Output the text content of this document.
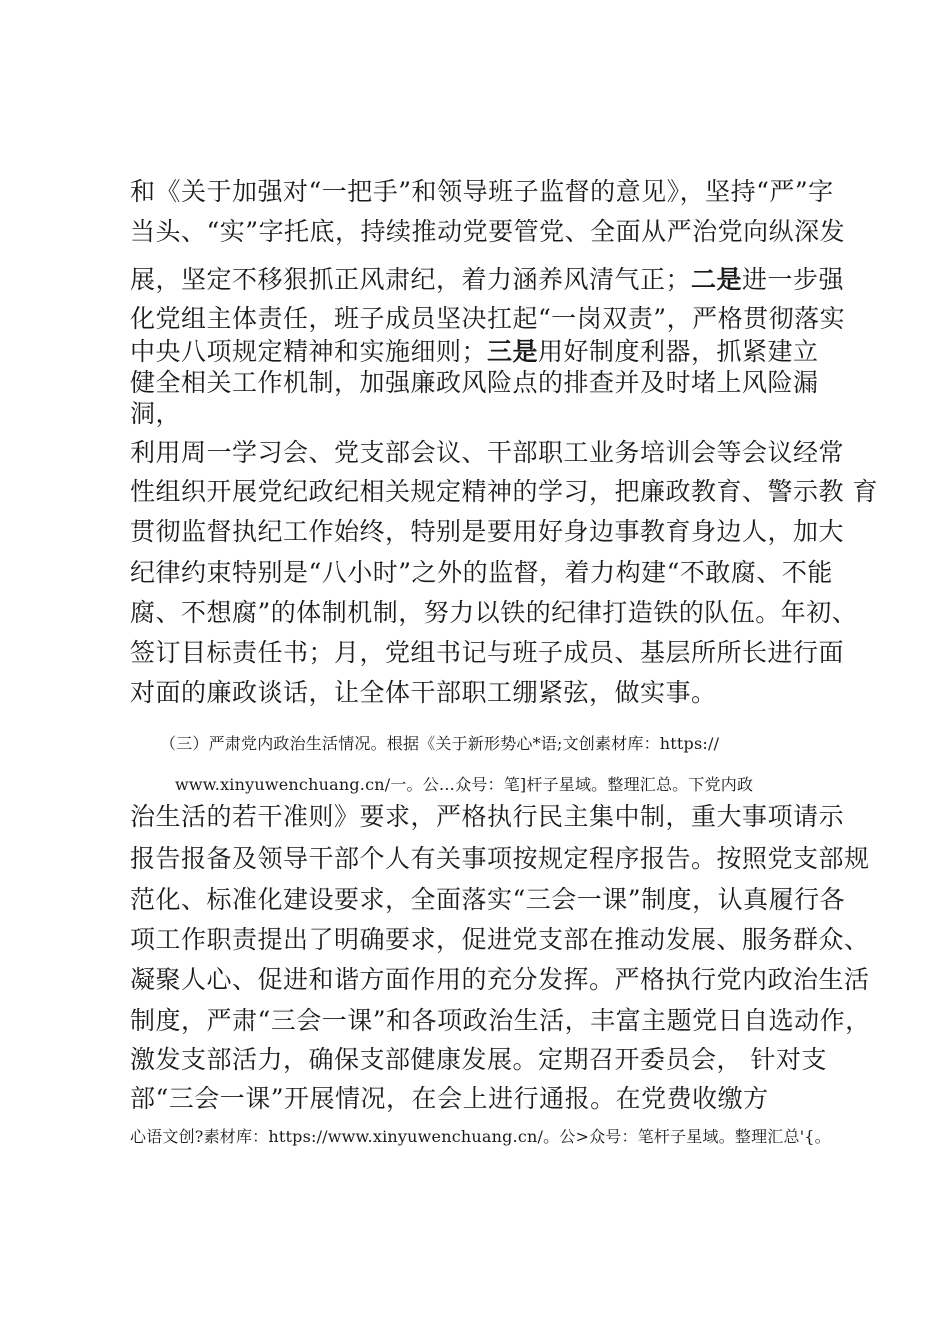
和《关于加强对“一把手”和领导班子监督的意见》，坚持“严”字
当头、“实”字托底，持续推动党要管党、全面从严治党向纵深发
展，坚定不移狠抓正风肃纪，着力涵养风清气正；二是进一步强
化党组主体责任，班子成员坚决扛起“一岗双责”，严格贯彻落实
中央八项规定精神和实施细则；三是用好制度利器，抓紧建立
健全相关工作机制，加强廉政风险点的排查并及时堵上风险漏
洞，
利用周一学习会、党支部会议、干部职工业务培训会等会议经常
性组织开展党纪政纪相关规定精神的学习，把廉政教育、警示教 育
贯彻监督执纪工作始终，特别是要用好身边事教育身边人，加大
纪律约束特别是“八小时”之外的监督，着力构建“不敢腐、不能
腐、不想腐”的体制机制，努力以铁的纪律打造铁的队伍。年初、
签订目标责任书；月，党组书记与班子成员、基层所所长进行面
对面的廉政谈话，让全体干部职工绷紧弦，做实事。
（三）严肃党内政治生活情况。根据《关于新形势心*语;文创素材库：https://
www.xinyuwenchuang.cn/一。公…众号：笔]杆子星域。整理汇总。下党内政
治生活的若干准则》要求，严格执行民主集中制，重大事项请示
报告报备及领导干部个人有关事项按规定程序报告。按照党支部规
范化、标准化建设要求，全面落实“三会一课”制度，认真履行各
项工作职责提出了明确要求，促进党支部在推动发展、服务群众、
凝聚人心、促进和谐方面作用的充分发挥。严格执行党内政治生活
制度，严肃“三会一课”和各项政治生活，丰富主题党日自选动作，
激发支部活力，确保支部健康发展。定期召开委员会， 针对支
部“三会一课”开展情况，在会上进行通报。在党费收缴方
心语文创?素材库：https://www.xinyuwenchuang.cn/。公>众号：笔杆子星域。整理汇总'{。
